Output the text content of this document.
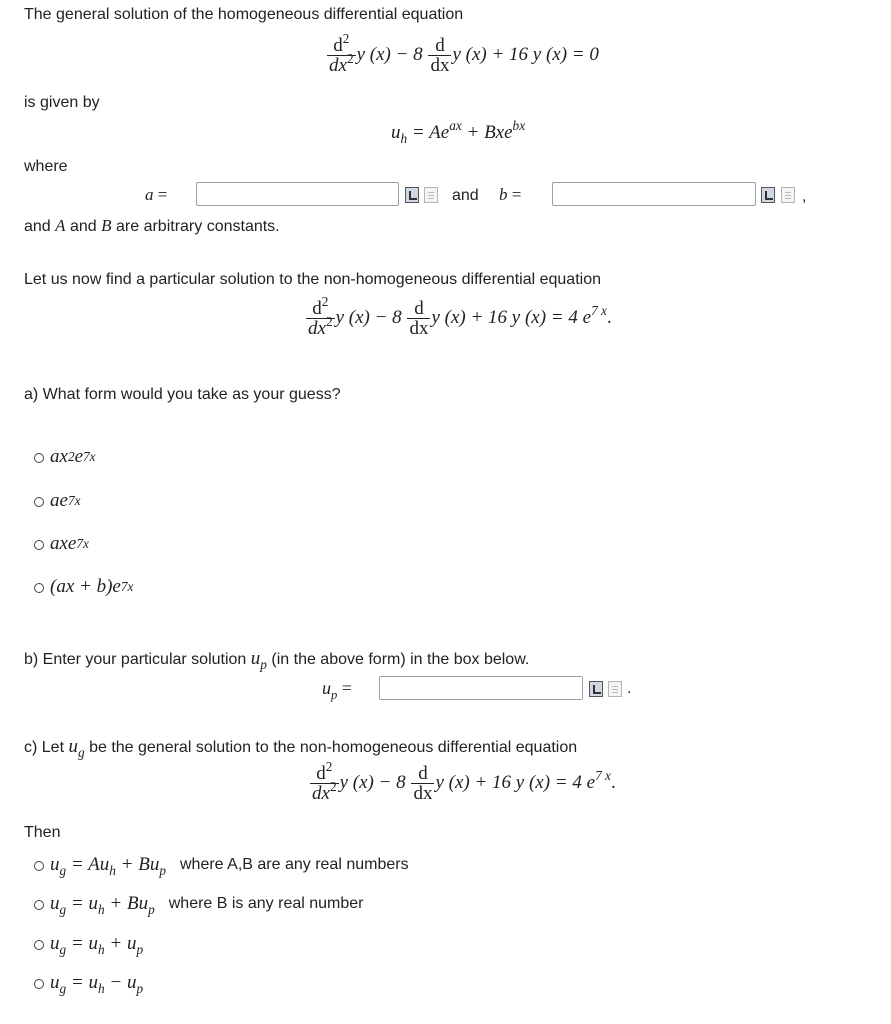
The general solution of the homogeneous differential equation
$\frac{d^2}{dx^2}$ y $(x) - 8 \frac{d}{dx}$ y (x) + 16 y (x) = 0
is given by
$u_h = Ae^{ax} + Bxe^{bx}$
where
a =	and b =	,
and A and B are arbitrary constants.
Let us now find a particular solution to the non-homogeneous differential equation
$\frac{d^2}{dx^2}$ y $(x) - 8 \frac{d}{dx}$ y (x) + 16 y (x) = 4 $e^{7 x}$.
a) What form would you take as your guess?
ax 2 e 7x
ae 7x
axe 7x
(ax + b)e 7x
b) Enter your particular solution $u_p$ (in the above form) in the box below.
$u_p$ =	.
c) Let $u_g$ be the general solution to the non-homogeneous differential equation
$\frac{d^2}{dx^2}$ y $(x) - 8 \frac{d}{dx}$ y (x) + 16 y (x) = 4 $e^{7 x}$.
Then
$u_g = Au_h + Bu_p$ where A,B are any real numbers
$u_g = u_h + Bu_p$ where B is any real number
$u_g = u_h + u_p$
$u_g = u_h - u_p$
